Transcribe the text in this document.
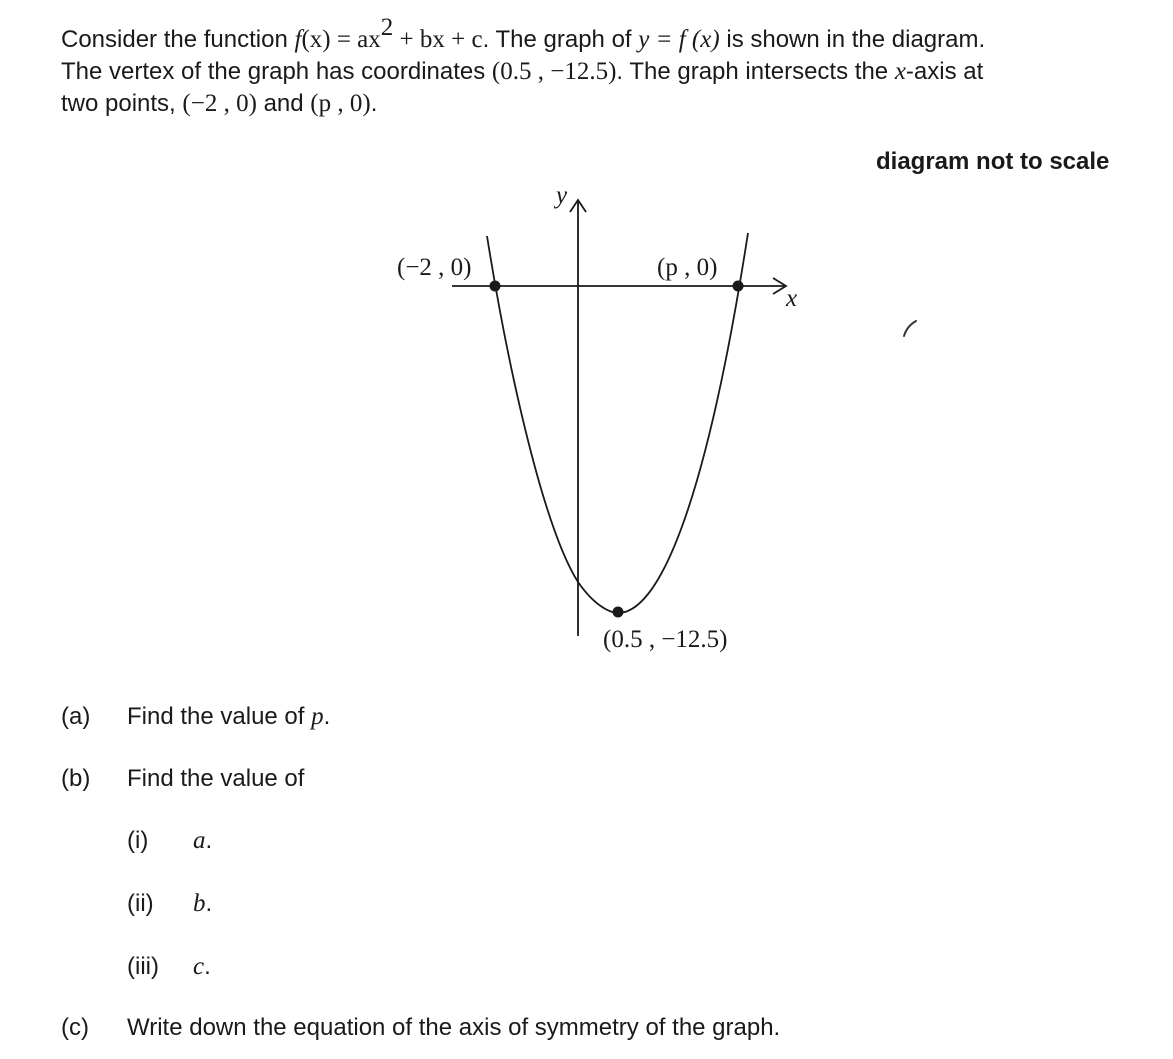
Consider the function $f(x) = ax^2$ + bx + c. The graph of y = f (x) is shown in the diagram.
The vertex of the graph has coordinates (0.5 , −12.5). The graph intersects the x-axis at
two points, (−2 , 0) and (p , 0).
diagram not to scale
y
x
(−2 , 0)	(p , 0)
(0.5 , −12.5)
(a) Find the value of p.
(b) Find the value of
(i) a.
(ii) b.
(iii) c.
(c) Write down the equation of the axis of symmetry of the graph.
